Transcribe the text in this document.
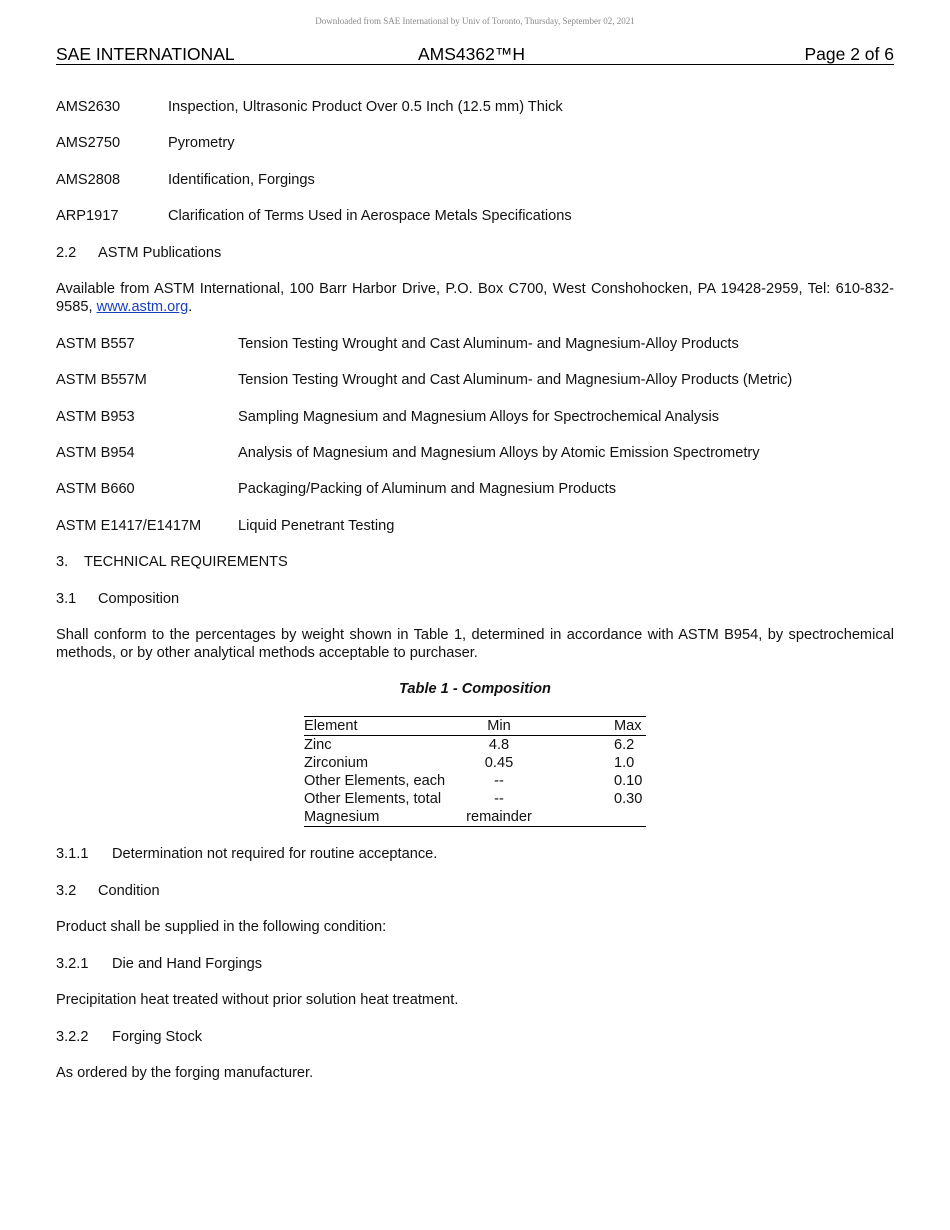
Downloaded from SAE International by Univ of Toronto, Thursday, September 02, 2021
SAE INTERNATIONAL	AMS4362™H	Page 2 of 6
AMS2630	Inspection, Ultrasonic Product Over 0.5 Inch (12.5 mm) Thick
AMS2750	Pyrometry
AMS2808	Identification, Forgings
ARP1917	Clarification of Terms Used in Aerospace Metals Specifications
2.2 ASTM Publications
Available from ASTM International, 100 Barr Harbor Drive, P.O. Box C700, West Conshohocken, PA 19428-2959, Tel: 610-832-9585, www.astm.org.
ASTM B557	Tension Testing Wrought and Cast Aluminum- and Magnesium-Alloy Products
ASTM B557M	Tension Testing Wrought and Cast Aluminum- and Magnesium-Alloy Products (Metric)
ASTM B953	Sampling Magnesium and Magnesium Alloys for Spectrochemical Analysis
ASTM B954	Analysis of Magnesium and Magnesium Alloys by Atomic Emission Spectrometry
ASTM B660	Packaging/Packing of Aluminum and Magnesium Products
ASTM E1417/E1417M	Liquid Penetrant Testing
3. TECHNICAL REQUIREMENTS
3.1 Composition
Shall conform to the percentages by weight shown in Table 1, determined in accordance with ASTM B954, by spectrochemical methods, or by other analytical methods acceptable to purchaser.
Table 1 - Composition
Element	Min	Max
Zinc	4.8	6.2
Zirconium	0.45	1.0
Other Elements, each	--	0.10
Other Elements, total	--	0.30
Magnesium	remainder
3.1.1 Determination not required for routine acceptance.
3.2 Condition
Product shall be supplied in the following condition:
3.2.1 Die and Hand Forgings
Precipitation heat treated without prior solution heat treatment.
3.2.2 Forging Stock
As ordered by the forging manufacturer.
